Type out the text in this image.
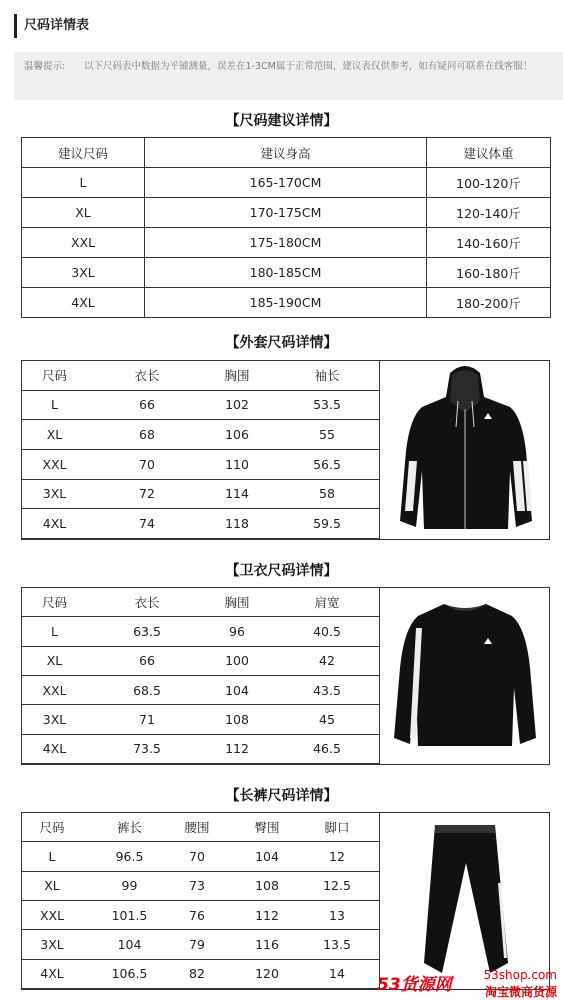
尺码详情表
温馨提示: 以下尺码表中数据为平铺测量，误差在1-3CM属于正常范围，建议表仅供参考，如有疑问可联系在线客服！
【尺码建议详情】
建议尺码	建议身高	建议体重
L	165-170CM	100-120斤
XL	170-175CM	120-140斤
XXL	175-180CM	140-160斤
3XL	180-185CM	160-180斤
4XL	185-190CM	180-200斤
【外套尺码详情】
4XL	74	118	59.5
3XL	72	114	58
XXL	70	110	56.5
XL	68	106	55
L	66	102	53.5
尺码	衣长	胸围	袖长
【卫衣尺码详情】
4XL	73.5	112	46.5
3XL	71	108	45
XXL	68.5	104	43.5
XL	66	100	42
L	63.5	96	40.5
尺码	衣长	胸围	肩宽
【长裤尺码详情】
4XL	106.5	82	120	14
3XL	104	79	116	13.5
XXL	101.5	76	112	13
XL	99	73	108	12.5
L	96.5	70	104	12
尺码	裤长	腰围	臀围	脚口
53货源网	53shop.com
淘宝微商货源
